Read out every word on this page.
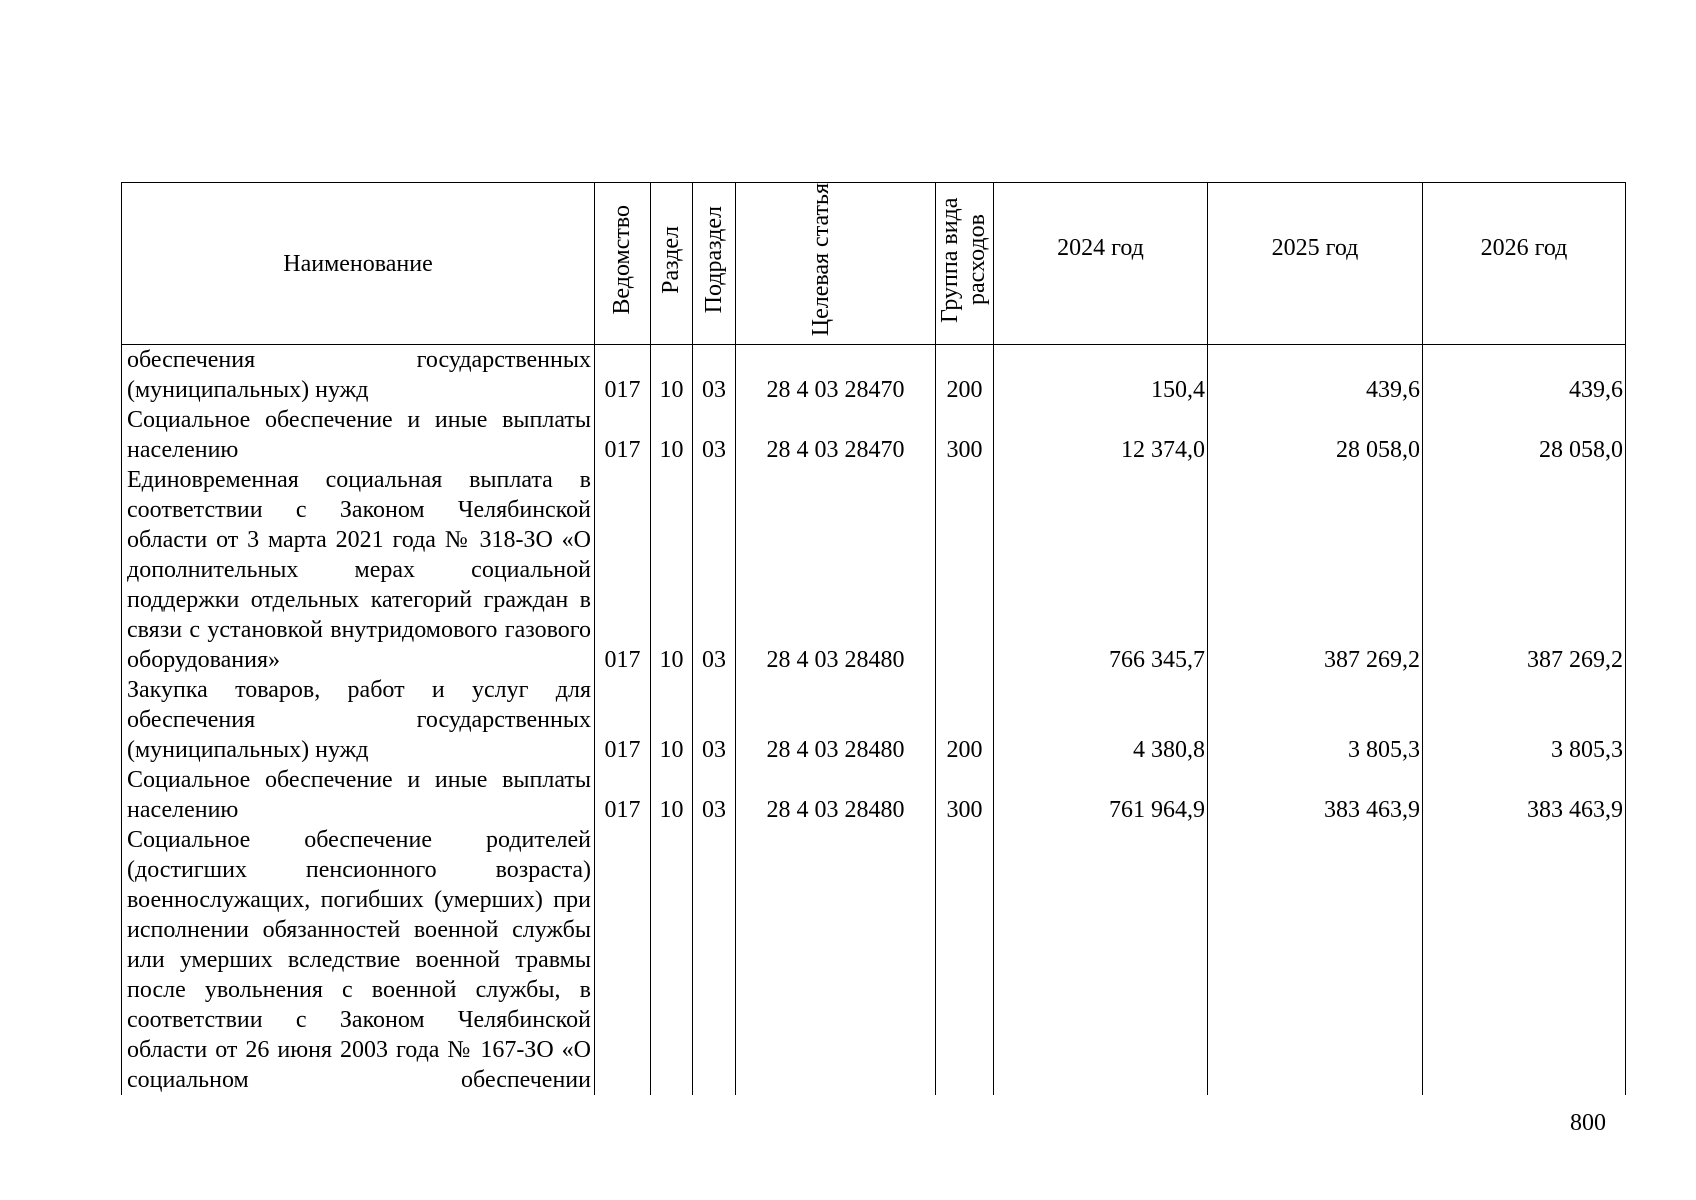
Наименование	Ведомство	Раздел	Подраздел	Целевая статья	Группа вида расходов	2024 год	2025 год	2026 год
обеспечения государственных (муниципальных) нужд	017	10	03	28 4 03 28470	200	150,4	439,6	439,6
Социальное обеспечение и иные выплаты населению	017	10	03	28 4 03 28470	300	12 374,0	28 058,0	28 058,0
Единовременная социальная выплата в соответствии с Законом Челябинской области от 3 марта 2021 года № 318-ЗО «О дополнительных мерах социальной поддержки отдельных категорий граждан в связи с установкой внутридомового газового оборудования»	017	10	03	28 4 03 28480		766 345,7	387 269,2	387 269,2
Закупка товаров, работ и услуг для обеспечения государственных (муниципальных) нужд	017	10	03	28 4 03 28480	200	4 380,8	3 805,3	3 805,3
Социальное обеспечение и иные выплаты населению	017	10	03	28 4 03 28480	300	761 964,9	383 463,9	383 463,9
Социальное обеспечение родителей (достигших пенсионного возраста) военнослужащих, погибших (умерших) при исполнении обязанностей военной службы или умерших вследствие военной травмы после увольнения с военной службы, в соответствии с Законом Челябинской области от 26 июня 2003 года № 167-ЗО «О социальном обеспечении								
800
